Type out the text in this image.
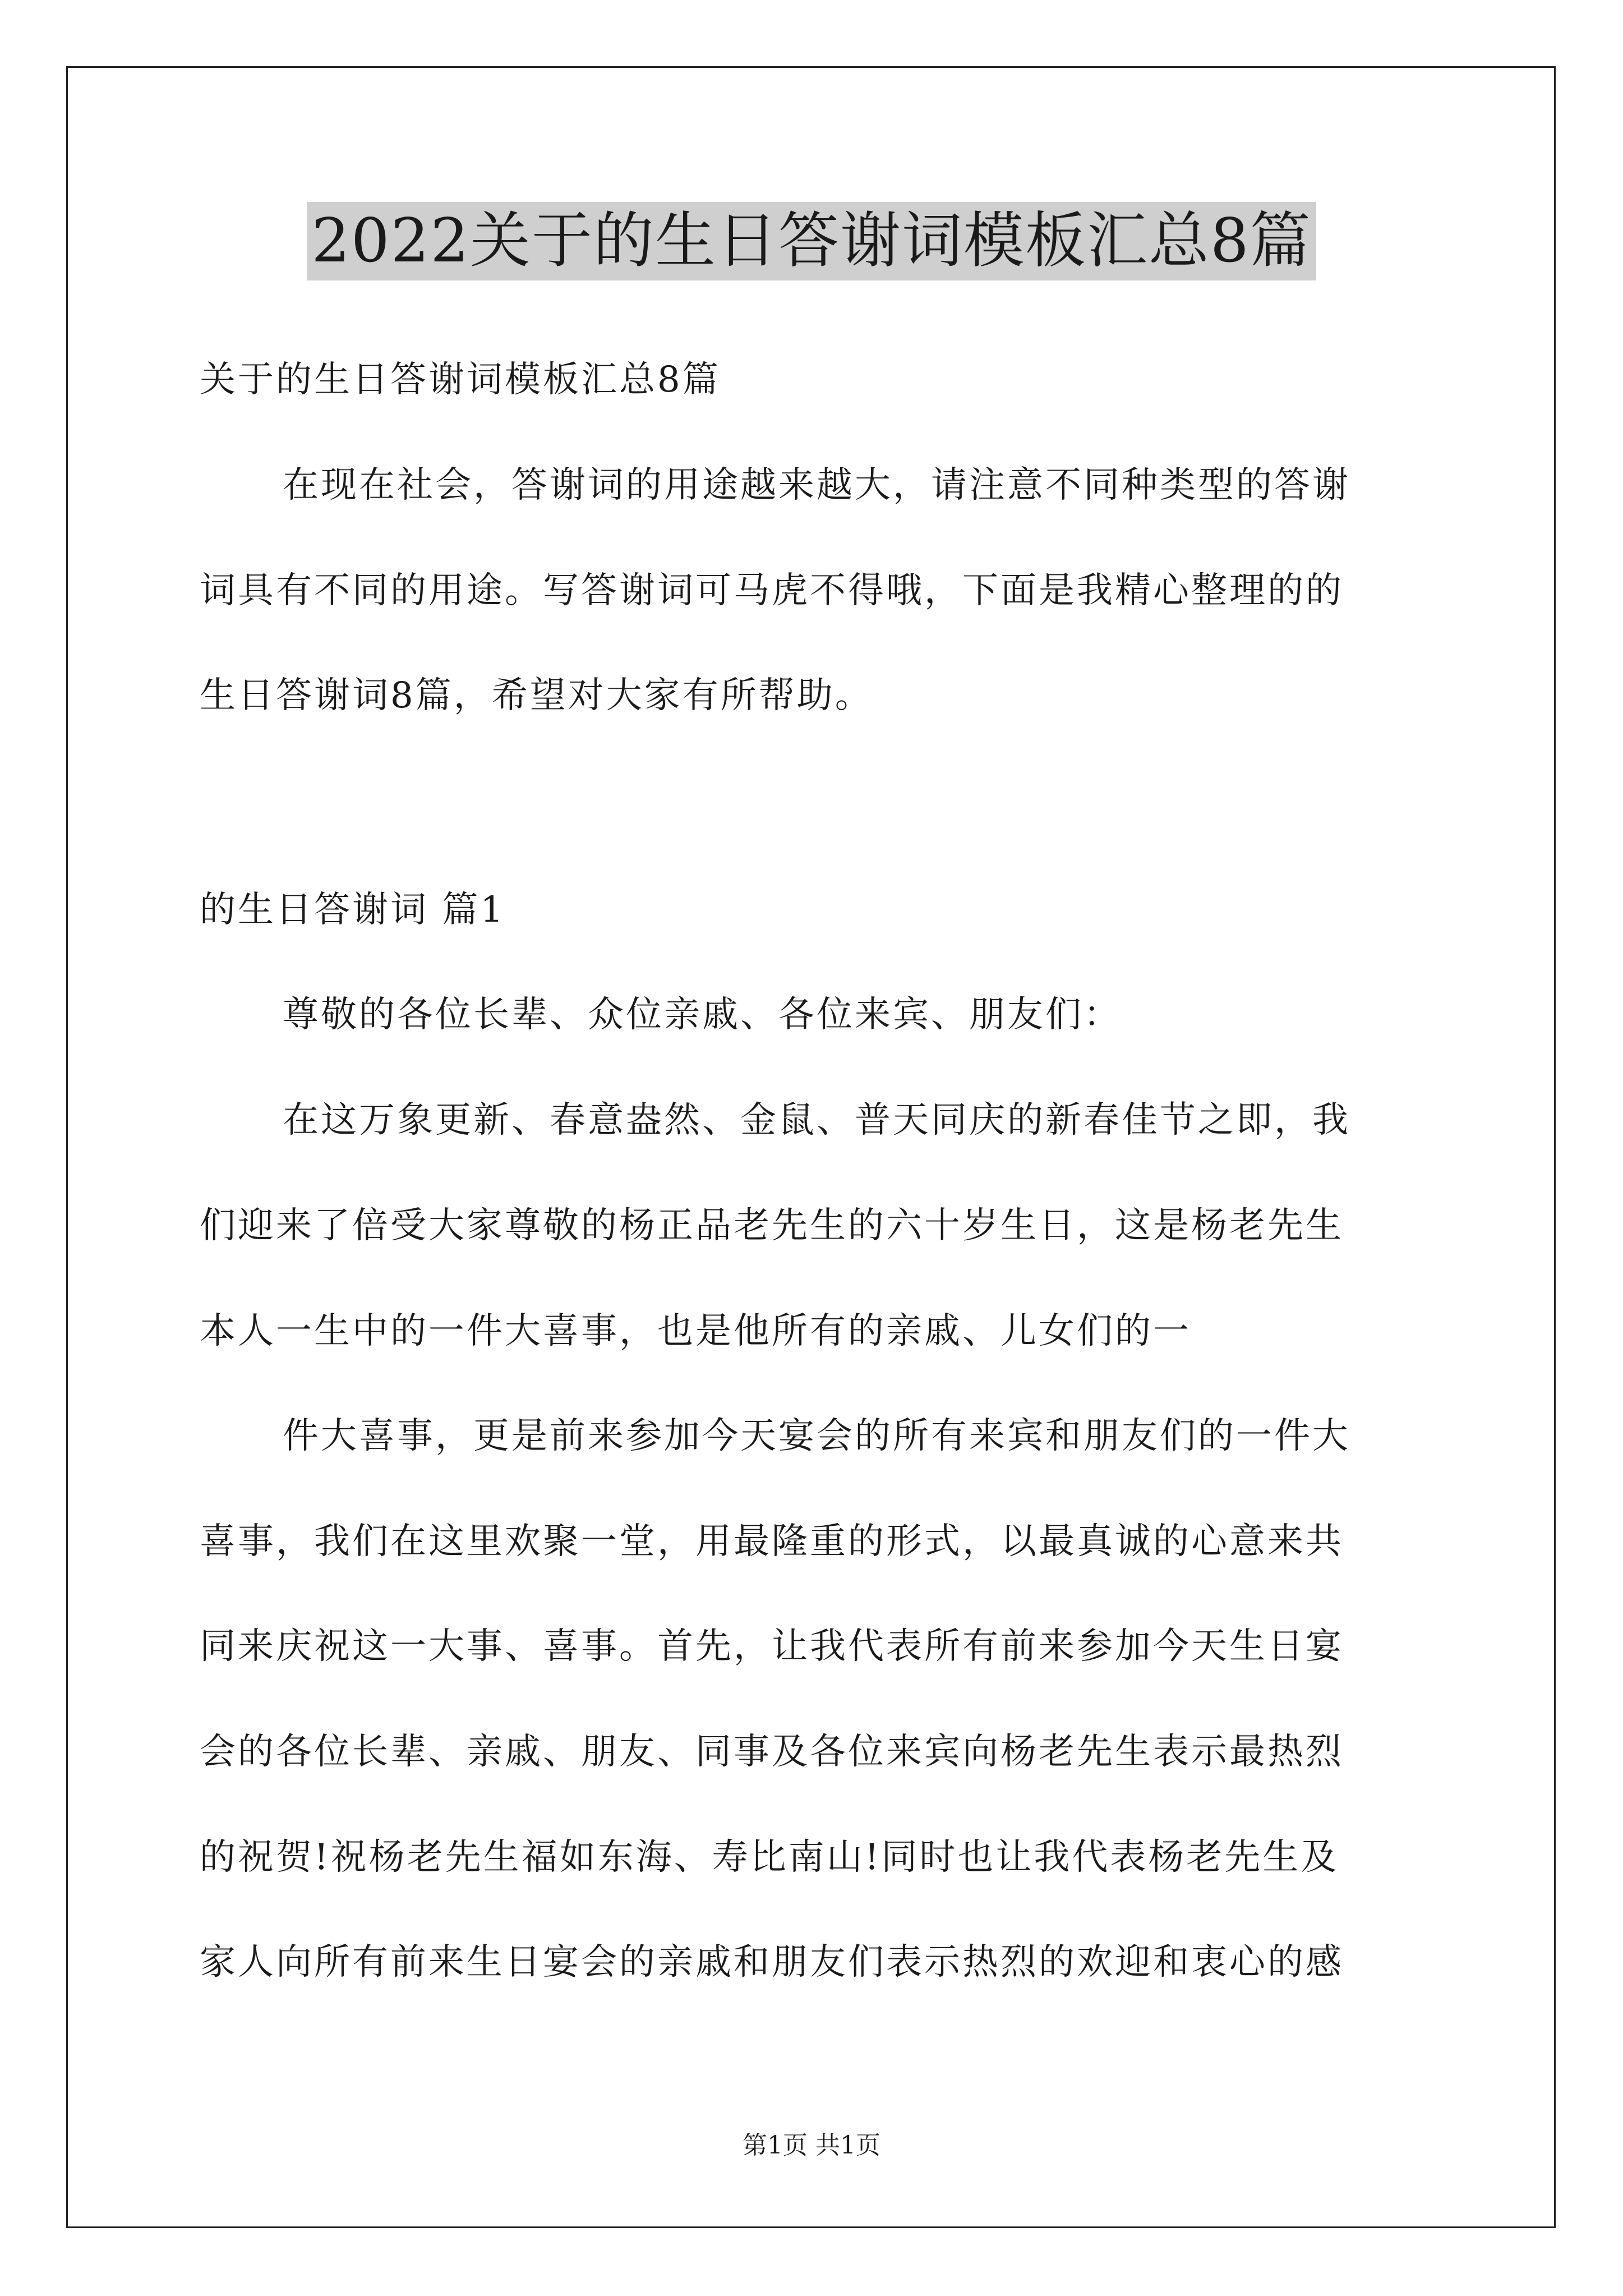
2022关于的生日答谢词模板汇总8篇
关于的生日答谢词模板汇总8篇
在现在社会，答谢词的用途越来越大，请注意不同种类型的答谢
词具有不同的用途。写答谢词可马虎不得哦，下面是我精心整理的的
生日答谢词8篇，希望对大家有所帮助。
的生日答谢词 篇1
尊敬的各位长辈、众位亲戚、各位来宾、朋友们：
在这万象更新、春意盎然、金鼠、普天同庆的新春佳节之即，我
们迎来了倍受大家尊敬的杨正品老先生的六十岁生日，这是杨老先生
本人一生中的一件大喜事，也是他所有的亲戚、儿女们的一
件大喜事，更是前来参加今天宴会的所有来宾和朋友们的一件大
喜事，我们在这里欢聚一堂，用最隆重的形式，以最真诚的心意来共
同来庆祝这一大事、喜事。首先，让我代表所有前来参加今天生日宴
会的各位长辈、亲戚、朋友、同事及各位来宾向杨老先生表示最热烈
的祝贺!祝杨老先生福如东海、寿比南山!同时也让我代表杨老先生及
家人向所有前来生日宴会的亲戚和朋友们表示热烈的欢迎和衷心的感
第1页 共1页
